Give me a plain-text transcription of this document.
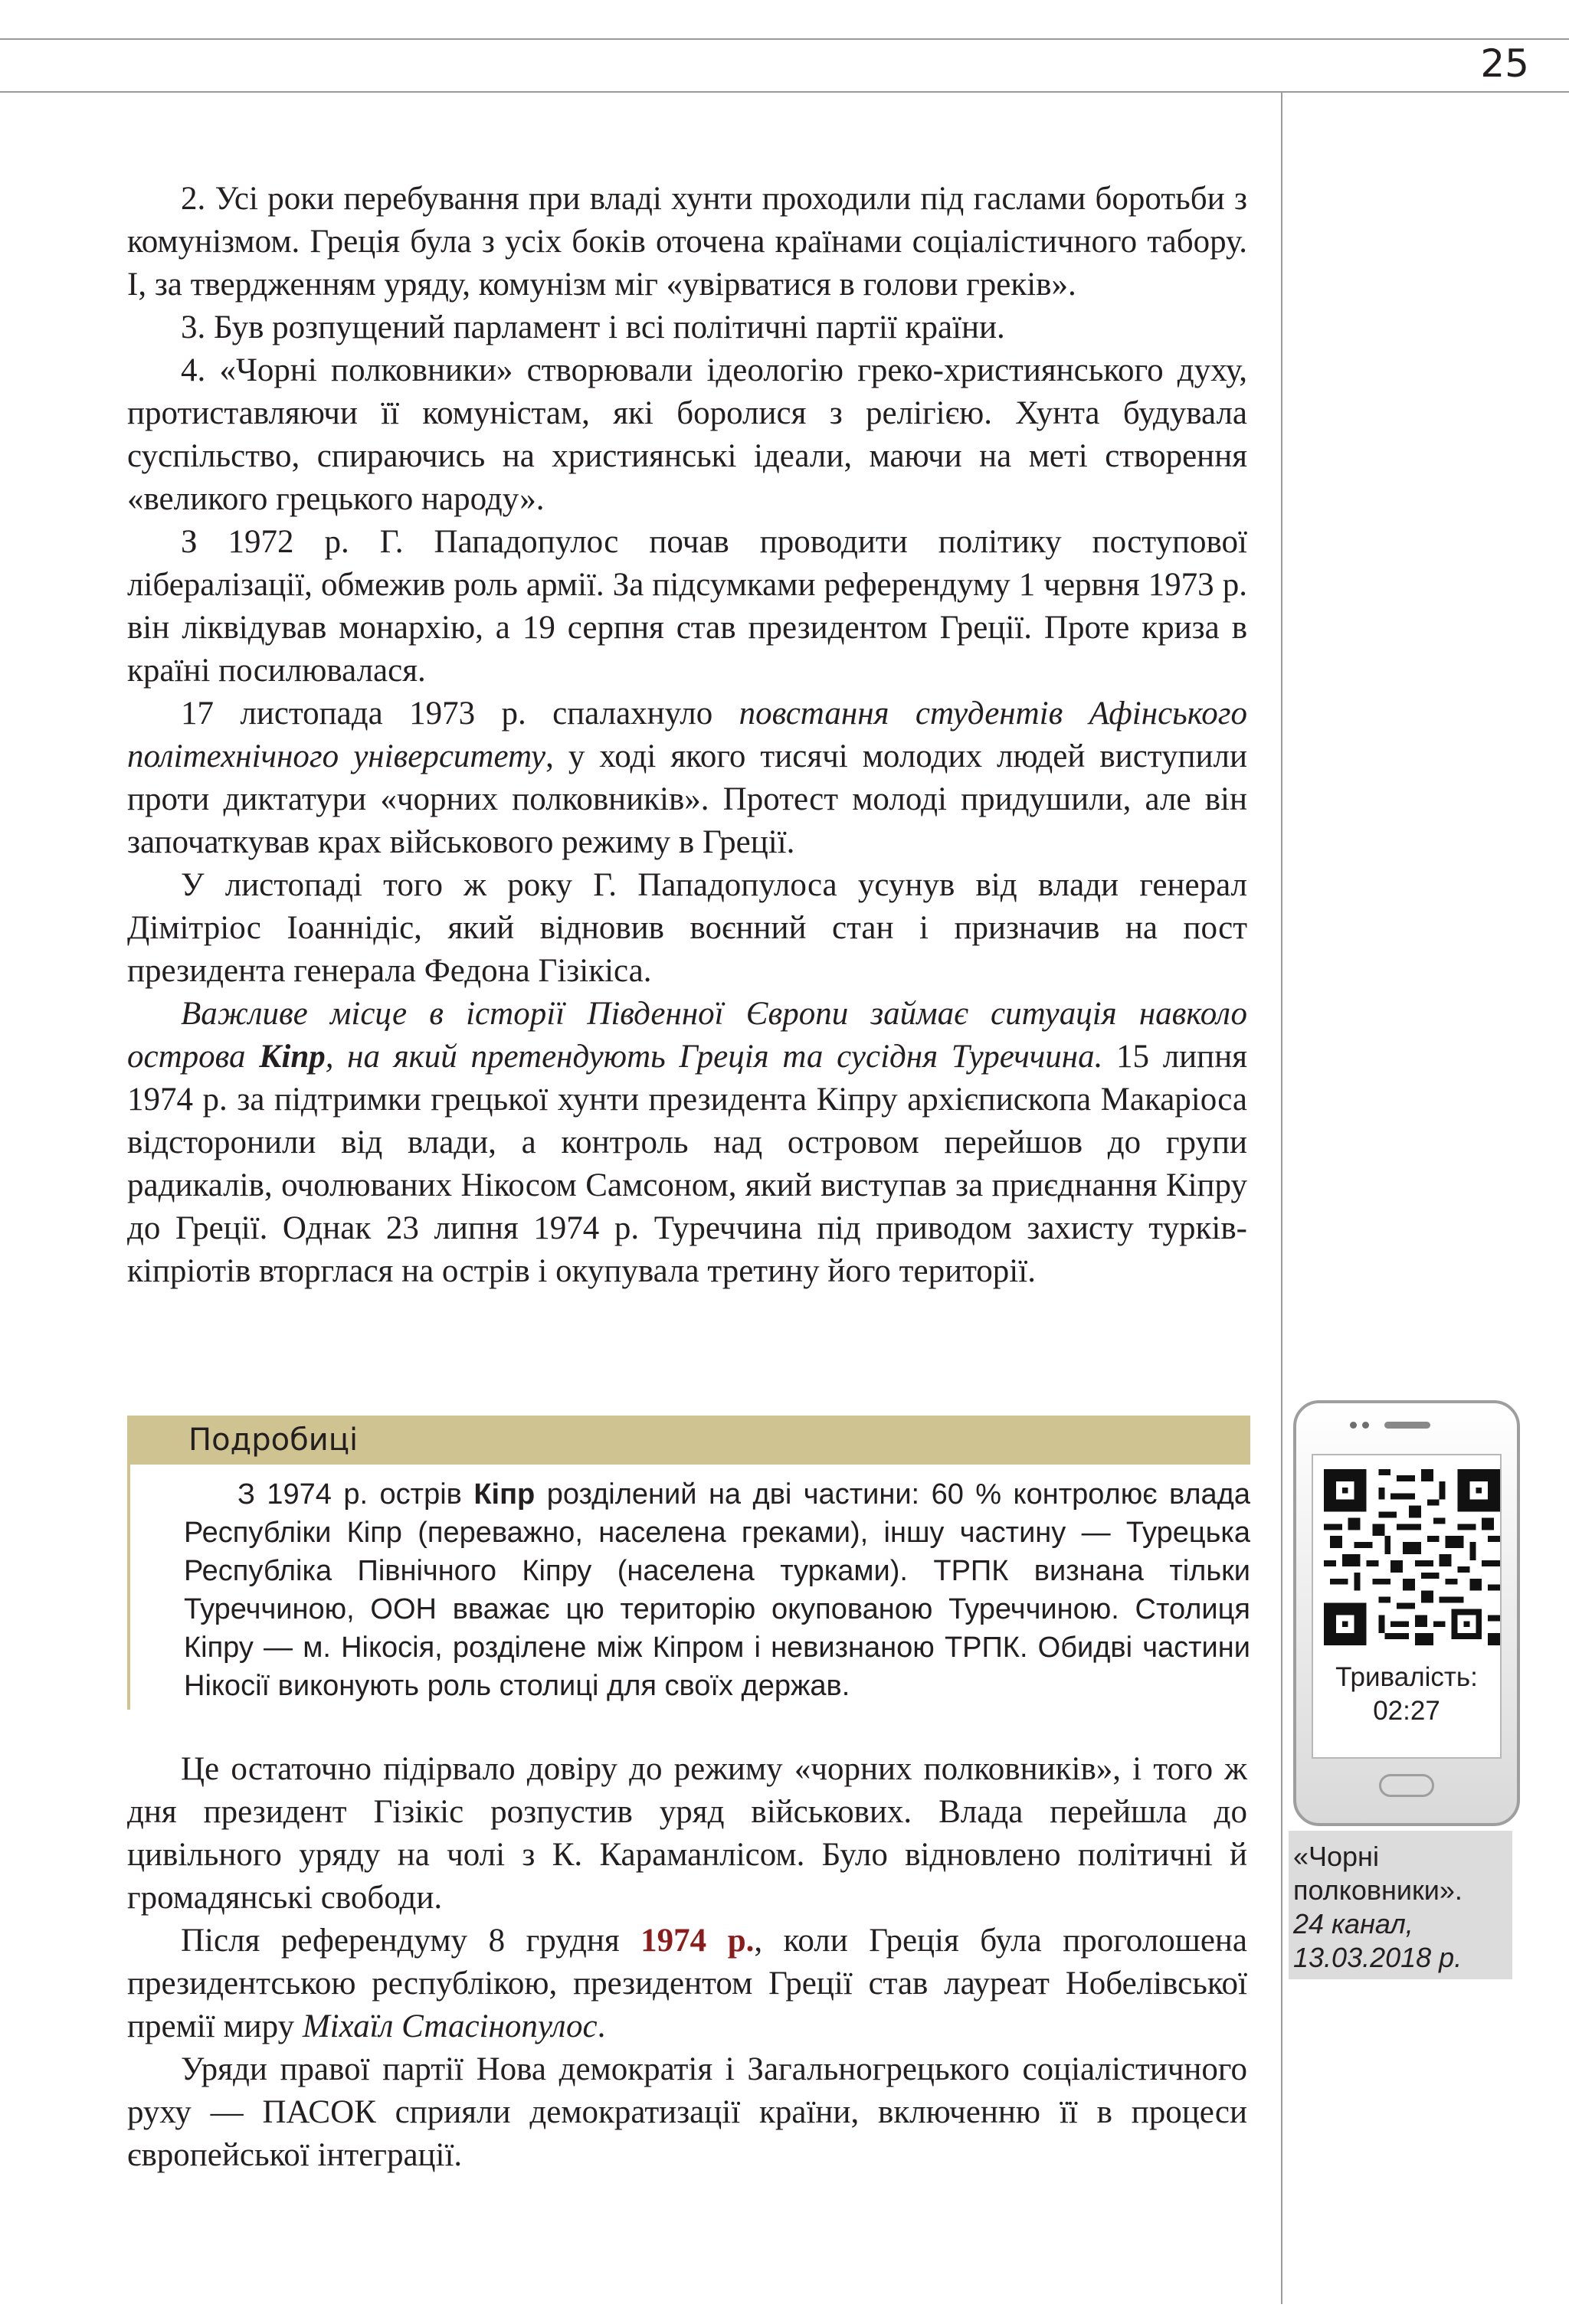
25

2. Усі роки перебування при владі хунти проходили під гаслами боротьби з комунізмом. Греція була з усіх боків оточена країнами соціалістичного табору. І, за твердженням уряду, комунізм міг «увірватися в голови греків».

3. Був розпущений парламент і всі політичні партії країни.

4. «Чорні полковники» створювали ідеологію греко-християнського духу, протиставляючи її комуністам, які боролися з релігією. Хунта будувала суспільство, спираючись на християнські ідеали, маючи на меті створення «великого грецького народу».

З 1972 р. Г. Пападопулос почав проводити політику поступової лібералізації, обмежив роль армії. За підсумками референдуму 1 червня 1973 р. він ліквідував монархію, а 19 серпня став президентом Греції. Проте криза в країні посилювалася.

17 листопада 1973 р. спалахнуло повстання студентів Афінського політехнічного університету, у ході якого тисячі молодих людей виступили проти диктатури «чорних полковників». Протест молоді придушили, але він започаткував крах військового режиму в Греції.

У листопаді того ж року Г. Пападопулоса усунув від влади генерал Дімітріос Іоаннідіс, який відновив воєнний стан і призначив на пост президента генерала Федона Гізікіса.

Важливе місце в історії Південної Європи займає ситуація навколо острова Кіпр, на який претендують Греція та сусідня Туреччина. 15 липня 1974 р. за підтримки грецької хунти президента Кіпру архієпископа Макаріоса відсторонили від влади, а контроль над островом перейшов до групи радикалів, очолюваних Нікосом Самсоном, який виступав за приєднання Кіпру до Греції. Однак 23 липня 1974 р. Туреччина під приводом захисту турків-кіпріотів вторглася на острів і окупувала третину його території.

Подробиці

З 1974 р. острів Кіпр розділений на дві частини: 60 % контролює влада Республіки Кіпр (переважно, населена греками), іншу частину — Турецька Республіка Північного Кіпру (населена турками). ТРПК визнана тільки Туреччиною, ООН вважає цю територію окупованою Туреччиною. Столиця Кіпру — м. Нікосія, розділене між Кіпром і невизнаною ТРПК. Обидві частини Нікосії виконують роль столиці для своїх держав.

Це остаточно підірвало довіру до режиму «чорних полковників», і того ж дня президент Гізікіс розпустив уряд військових. Влада перейшла до цивільного уряду на чолі з К. Караманлісом. Було відновлено політичні й громадянські свободи.

Після референдуму 8 грудня 1974 р., коли Греція була проголошена президентською республікою, президентом Греції став лауреат Нобелівської премії миру Міхаїл Стасінопулос.

Уряди правої партії Нова демократія і Загальногрецького соціалістичного руху — ПАСОК сприяли демократизації країни, включенню її в процеси європейської інтеграції.

Тривалість:
02:27
«Чорні полковники».
24 канал, 13.03.2018 р.
